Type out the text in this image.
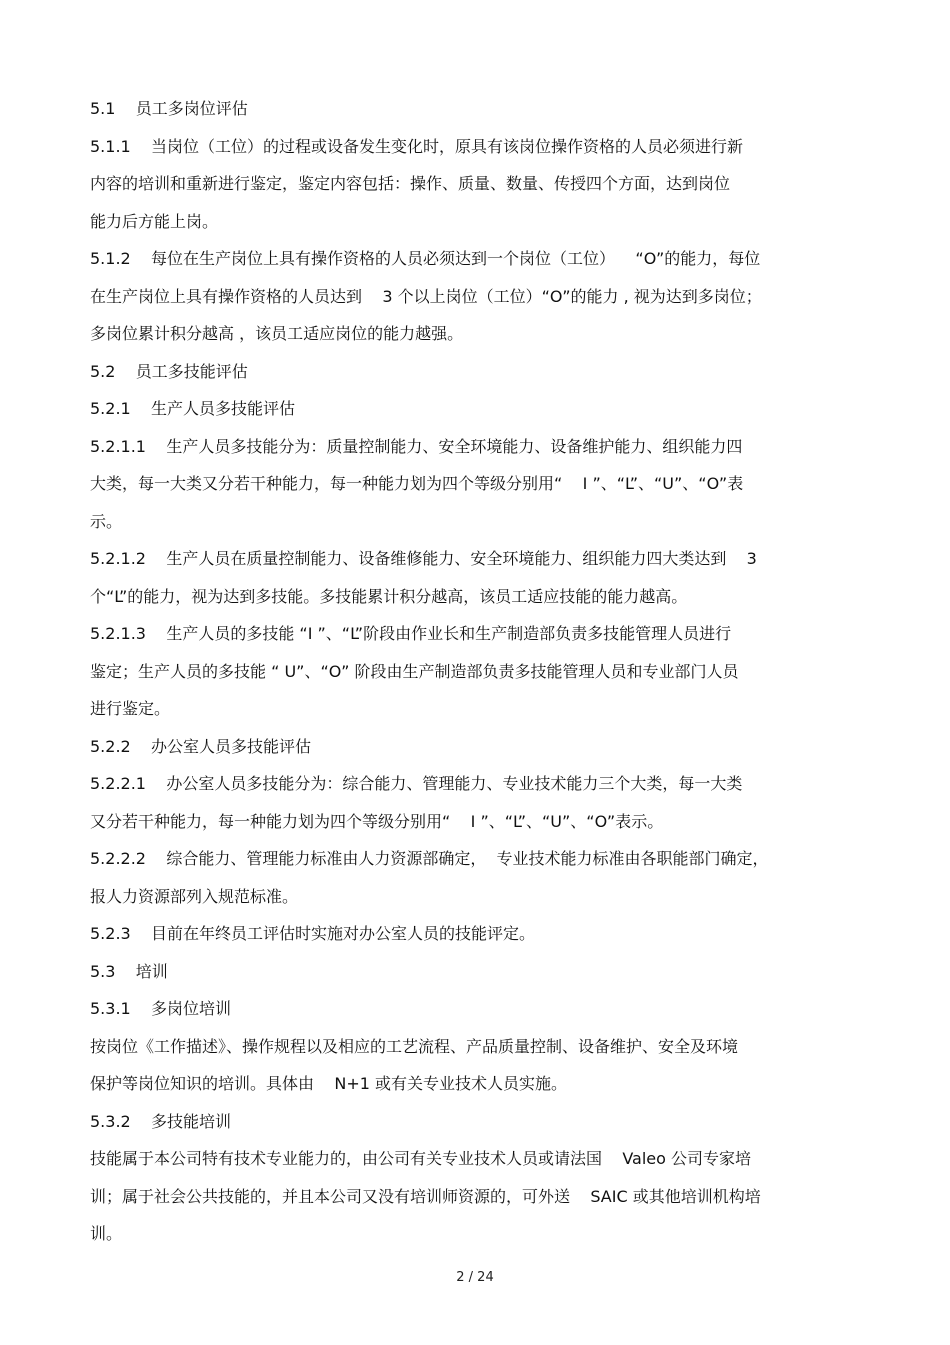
5.1    员工多岗位评估
5.1.1    当岗位（工位）的过程或设备发生变化时，原具有该岗位操作资格的人员必须进行新
内容的培训和重新进行鉴定，鉴定内容包括：操作、质量、数量、传授四个方面，达到岗位
能力后方能上岗。
5.1.2    每位在生产岗位上具有操作资格的人员必须达到一个岗位（工位）    “O”的能力，每位
在生产岗位上具有操作资格的人员达到    3 个以上岗位（工位）“O”的能力 , 视为达到多岗位；
多岗位累计积分越高 ，该员工适应岗位的能力越强。
5.2    员工多技能评估
5.2.1    生产人员多技能评估
5.2.1.1    生产人员多技能分为：质量控制能力、安全环境能力、设备维护能力、组织能力四
大类，每一大类又分若干种能力，每一种能力划为四个等级分别用“    I ”、“L”、“U”、“O”表
示。
5.2.1.2    生产人员在质量控制能力、设备维修能力、安全环境能力、组织能力四大类达到    3
个“L”的能力，视为达到多技能。多技能累计积分越高，该员工适应技能的能力越高。
5.2.1.3    生产人员的多技能 “I ”、“L”阶段由作业长和生产制造部负责多技能管理人员进行
鉴定；生产人员的多技能 “ U”、“O” 阶段由生产制造部负责多技能管理人员和专业部门人员
进行鉴定。
5.2.2    办公室人员多技能评估
5.2.2.1    办公室人员多技能分为：综合能力、管理能力、专业技术能力三个大类，每一大类
又分若干种能力，每一种能力划为四个等级分别用“    I ”、“L”、“U”、“O”表示。
5.2.2.2    综合能力、管理能力标准由人力资源部确定，  专业技术能力标准由各职能部门确定，
报人力资源部列入规范标准。
5.2.3    目前在年终员工评估时实施对办公室人员的技能评定。
5.3    培训
5.3.1    多岗位培训
按岗位《工作描述》、操作规程以及相应的工艺流程、产品质量控制、设备维护、安全及环境
保护等岗位知识的培训。具体由    N+1 或有关专业技术人员实施。
5.3.2    多技能培训
技能属于本公司特有技术专业能力的，由公司有关专业技术人员或请法国    Valeo 公司专家培
训；属于社会公共技能的，并且本公司又没有培训师资源的，可外送    SAIC 或其他培训机构培
训。
2 / 24
